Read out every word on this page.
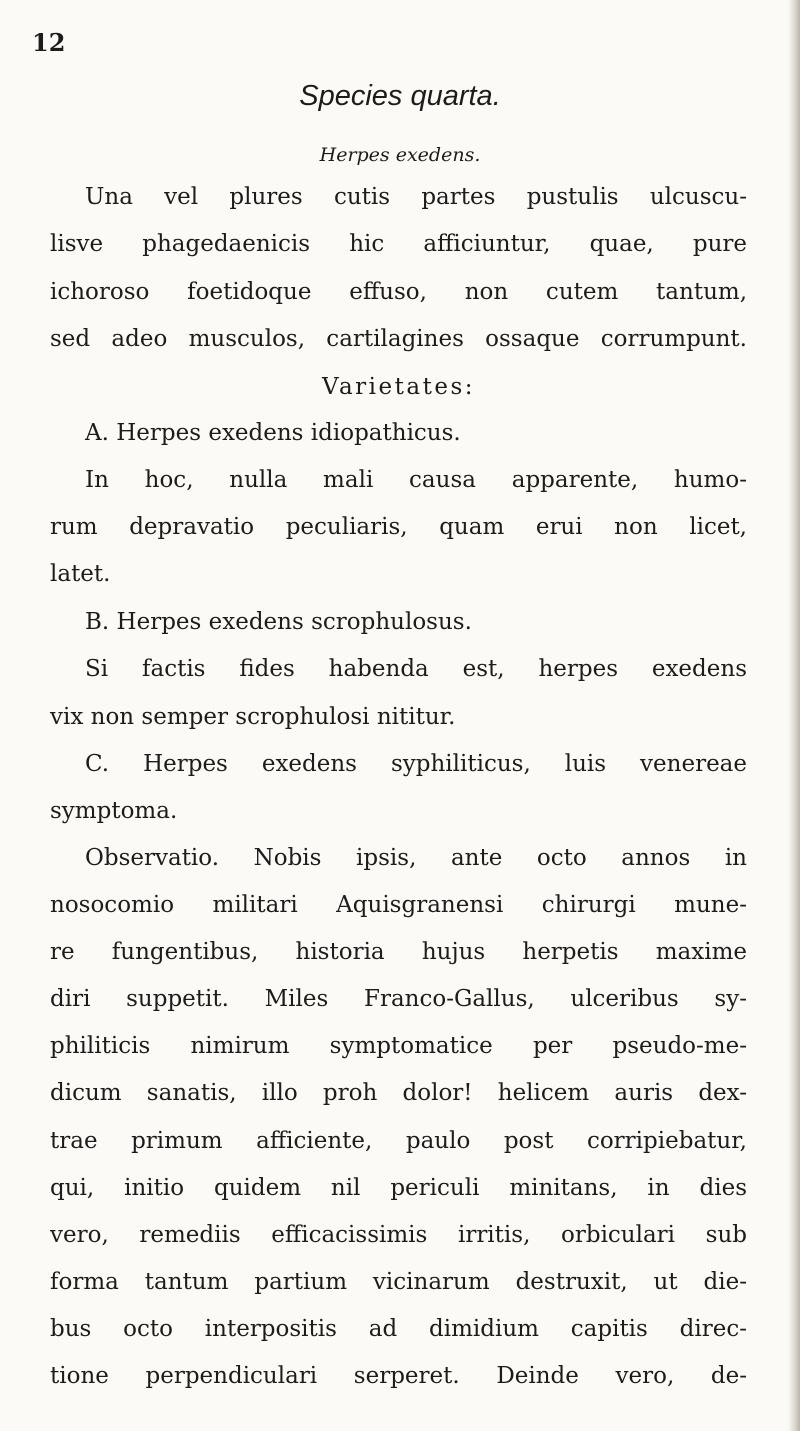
12
Species quarta.
Herpes exedens.
Una vel plures cutis partes pustulis ulcuscu-
lisve phagedaenicis hic afficiuntur, quae, pure
ichoroso foetidoque effuso, non cutem tantum,
sed adeo musculos, cartilagines ossaque corrumpunt.
Varietates:
A. Herpes exedens idiopathicus.
In hoc, nulla mali causa apparente, humo-
rum depravatio peculiaris, quam erui non licet,
latet.
B. Herpes exedens scrophulosus.
Si factis fides habenda est, herpes exedens
vix non semper scrophulosi nititur.
C. Herpes exedens syphiliticus, luis venereae
symptoma.
Observatio. Nobis ipsis, ante octo annos in
nosocomio militari Aquisgranensi chirurgi mune-
re fungentibus, historia hujus herpetis maxime
diri suppetit. Miles Franco-Gallus, ulceribus sy-
philiticis nimirum symptomatice per pseudo-me-
dicum sanatis, illo proh dolor! helicem auris dex-
trae primum afficiente, paulo post corripiebatur,
qui, initio quidem nil periculi minitans, in dies
vero, remediis efficacissimis irritis, orbiculari sub
forma tantum partium vicinarum destruxit, ut die-
bus octo interpositis ad dimidium capitis direc-
tione perpendiculari serperet. Deinde vero, de-
